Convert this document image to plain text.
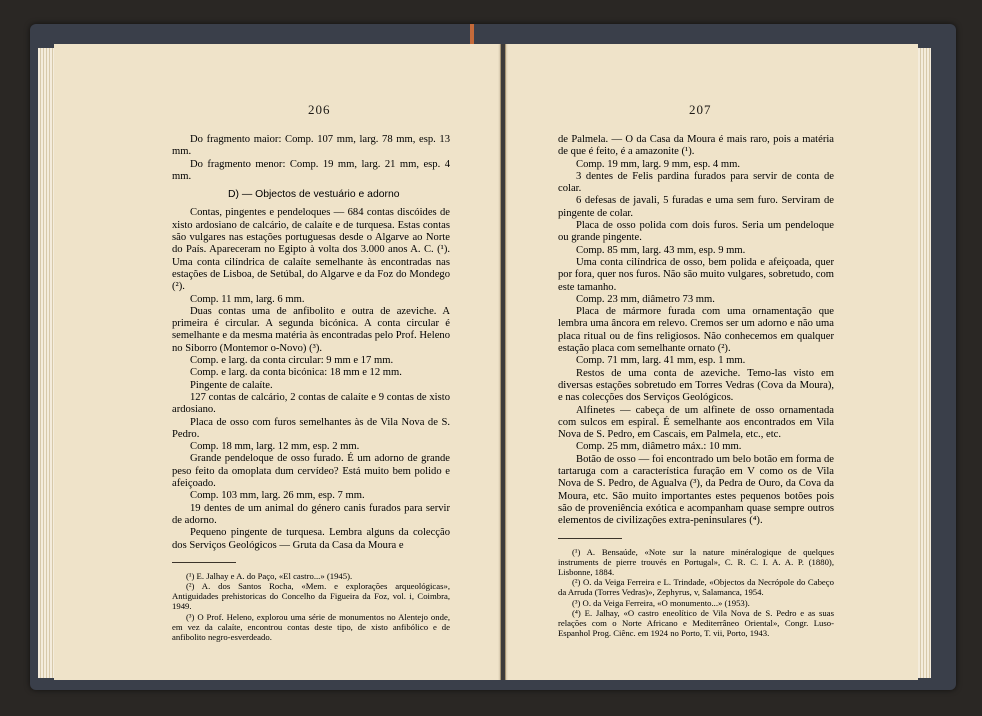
206	207

Do fragmento maior: Comp. 107 mm, larg. 78 mm, esp. 13 mm.

Do fragmento menor: Comp. 19 mm, larg. 21 mm, esp. 4 mm.

D) — Objectos de vestuário e adorno

Contas, pingentes e pendeloques — 684 contas discóides de xisto ardosiano de calcário, de calaíte e de turquesa. Estas contas são vulgares nas estações portuguesas desde o Algarve ao Norte do País. Apareceram no Egipto à volta dos 3.000 anos A. C. (¹). Uma conta cilíndrica de calaíte semelhante às encontradas nas estações de Lisboa, de Setúbal, do Algarve e da Foz do Mondego (²).

Comp. 11 mm, larg. 6 mm.

Duas contas uma de anfibolito e outra de azeviche. A primeira é circular. A segunda bicónica. A conta circular é semelhante e da mesma matéria às encontradas pelo Prof. Heleno no Siborro (Montemor o-Novo) (³).

Comp. e larg. da conta circular: 9 mm e 17 mm.

Comp. e larg. da conta bicónica: 18 mm e 12 mm.

Pingente de calaíte.

127 contas de calcário, 2 contas de calaíte e 9 contas de xisto ardosiano.

Placa de osso com furos semelhantes às de Vila Nova de S. Pedro.

Comp. 18 mm, larg. 12 mm, esp. 2 mm.

Grande pendeloque de osso furado. É um adorno de grande peso feito da omoplata dum cervídeo? Está muito bem polido e afeiçoado.

Comp. 103 mm, larg. 26 mm, esp. 7 mm.

19 dentes de um animal do género canis furados para servir de adorno.

Pequeno pingente de turquesa. Lembra alguns da colecção dos Serviços Geológicos — Gruta da Casa da Moura e

(¹) E. Jalhay e A. do Paço, «El castro...» (1945).

(²) A. dos Santos Rocha, «Mem. e explorações arqueológicas», Antiguidades prehistoricas do Concelho da Figueira da Foz, vol. i, Coimbra, 1949.

(³) O Prof. Heleno, explorou uma série de monumentos no Alentejo onde, em vez da calaíte, encontrou contas deste tipo, de xisto anfibólico e de anfibolito negro-esverdeado.

de Palmela. — O da Casa da Moura é mais raro, pois a matéria de que é feito, é a amazonite (¹).

Comp. 19 mm, larg. 9 mm, esp. 4 mm.

3 dentes de Felis pardina furados para servir de conta de colar.

6 defesas de javali, 5 furadas e uma sem furo. Serviram de pingente de colar.

Placa de osso polida com dois furos. Seria um pendeloque ou grande pingente.

Comp. 85 mm, larg. 43 mm, esp. 9 mm.

Uma conta cilíndrica de osso, bem polida e afeiçoada, quer por fora, quer nos furos. Não são muito vulgares, sobretudo, com este tamanho.

Comp. 23 mm, diâmetro 73 mm.

Placa de mármore furada com uma ornamentação que lembra uma âncora em relevo. Cremos ser um adorno e não uma placa ritual ou de fins religiosos. Não conhecemos em qualquer estação placa com semelhante ornato (²).

Comp. 71 mm, larg. 41 mm, esp. 1 mm.

Restos de uma conta de azeviche. Temo-las visto em diversas estações sobretudo em Torres Vedras (Cova da Moura), e nas colecções dos Serviços Geológicos.

Alfinetes — cabeça de um alfinete de osso ornamentada com sulcos em espiral. É semelhante aos encontrados em Vila Nova de S. Pedro, em Cascais, em Palmela, etc., etc.

Comp. 25 mm, diâmetro máx.: 10 mm.

Botão de osso — foi encontrado um belo botão em forma de tartaruga com a característica furação em V como os de Vila Nova de S. Pedro, de Agualva (³), da Pedra de Ouro, da Cova da Moura, etc. São muito importantes estes pequenos botões pois são de proveniência exótica e acompanham quase sempre outros elementos de civilizações extra-peninsulares (⁴).

(¹) A. Bensaúde, «Note sur la nature minéralogique de quelques instruments de pierre trouvés en Portugal», C. R. C. I. A. A. P. (1880), Lisbonne, 1884.

(²) O. da Veiga Ferreira e L. Trindade, «Objectos da Necrópole do Cabeço da Arruda (Torres Vedras)», Zephyrus, v, Salamanca, 1954.

(³) O. da Veiga Ferreira, «O monumento...» (1953).

(⁴) E. Jalhay, «O castro eneolítico de Vila Nova de S. Pedro e as suas relações com o Norte Africano e Mediterrâneo Oriental», Congr. Luso-Espanhol Prog. Ciênc. em 1924 no Porto, T. vii, Porto, 1943.
